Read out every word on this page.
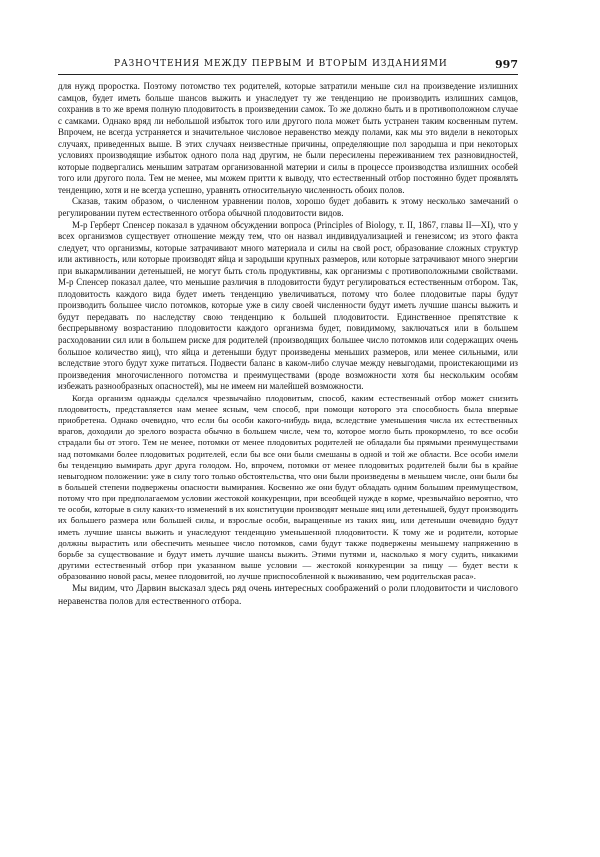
РАЗНОЧТЕНИЯ МЕЖДУ ПЕРВЫМ И ВТОРЫМ ИЗДАНИЯМИ	997

для нужд проростка. Поэтому потомство тех родителей, которые затратили меньше сил на произведение излишних самцов, будет иметь больше шансов выжить и унаследует ту же тенденцию не производить излишних самцов, сохранив в то же время полную плодовитость в произведении самок. То же должно быть и в противоположном случае с самками. Однако вряд ли небольшой избыток того или другого пола может быть устранен таким косвенным путем. Впрочем, не всегда устраняется и значительное числовое неравенство между полами, как мы это видели в некоторых случаях, приведенных выше. В этих случаях неизвестные причины, определяющие пол зародыша и при некоторых условиях производящие избыток одного пола над другим, не были пересилены переживанием тех разновидностей, которые подвергались меньшим затратам организованной материи и силы в процессе производства излишних особей того или другого пола. Тем не менее, мы можем притти к выводу, что естественный отбор постоянно будет проявлять тенденцию, хотя и не всегда успешно, уравнять относительную численность обоих полов.

Сказав, таким образом, о численном уравнении полов, хорошо будет добавить к этому несколько замечаний о регулировании путем естественного отбора обычной плодовитости видов.

М-р Герберт Спенсер показал в удачном обсуждении вопроса (Principles of Biology, т. II, 1867, главы II—XI), что у всех организмов существует отношение между тем, что он назвал индивидуализацией и генезисом; из этого факта следует, что организмы, которые затрачивают много материала и силы на свой рост, образование сложных структур или активность, или которые производят яйца и зародыши крупных размеров, или которые затрачивают много энергии при выкармливании детенышей, не могут быть столь продуктивны, как организмы с противоположными свойствами. М-р Спенсер показал далее, что меньшие различия в плодовитости будут регулироваться естественным отбором. Так, плодовитость каждого вида будет иметь тенденцию увеличиваться, потому что более плодовитые пары будут производить большее число потомков, которые уже в силу своей численности будут иметь лучшие шансы выжить и будут передавать по наследству свою тенденцию к большей плодовитости. Единственное препятствие к беспрерывному возрастанию плодовитости каждого организма будет, повидимому, заключаться или в большем расходовании сил или в большем риске для родителей (производящих большее число потомков или содержащих очень большое количество яиц), что яйца и детеныши будут произведены меньших размеров, или менее сильными, или вследствие этого будут хуже питаться. Подвести баланс в каком-либо случае между невыгодами, проистекающими из произведения многочисленного потомства и преимуществами (вроде возможности хотя бы нескольким особям избежать разнообразных опасностей), мы не имеем ни малейшей возможности.

Когда организм однажды сделался чрезвычайно плодовитым, способ, каким естественный отбор может снизить плодовитость, представляется нам менее ясным, чем способ, при помощи которого эта способность была впервые приобретена. Однако очевидно, что если бы особи какого-нибудь вида, вследствие уменьшения числа их естественных врагов, доходили до зрелого возраста обычно в большем числе, чем то, которое могло быть прокормлено, то все особи страдали бы от этого. Тем не менее, потомки от менее плодовитых родителей не обладали бы прямыми преимуществами над потомками более плодовитых родителей, если бы все они были смешаны в одной и той же области. Все особи имели бы тенденцию вымирать друг друга голодом. Но, впрочем, потомки от менее плодовитых родителей были бы в крайне невыгодном положении: уже в силу того только обстоятельства, что они были произведены в меньшем числе, они были бы в большей степени подвержены опасности вымирания. Косвенно же они будут обладать одним большим преимуществом, потому что при предполагаемом условии жестокой конкуренции, при всеобщей нужде в корме, чрезвычайно вероятно, что те особи, которые в силу каких-то изменений в их конституции производят меньше яиц или детенышей, будут производить их большего размера или большей силы, и взрослые особи, выращенные из таких яиц, или детеныши очевидно будут иметь лучшие шансы выжить и унаследуют тенденцию уменьшенной плодовитости. К тому же и родители, которые должны вырастить или обеспечить меньшее число потомков, сами будут также подвержены меньшему напряжению в борьбе за существование и будут иметь лучшие шансы выжить. Этими путями и, насколько я могу судить, никакими другими естественный отбор при указанном выше условии — жестокой конкуренции за пищу — будет вести к образованию новой расы, менее плодовитой, но лучше приспособленной к выживанию, чем родительская раса».

Мы видим, что Дарвин высказал здесь ряд очень интересных соображений о роли плодовитости и числового неравенства полов для естественного отбора.
